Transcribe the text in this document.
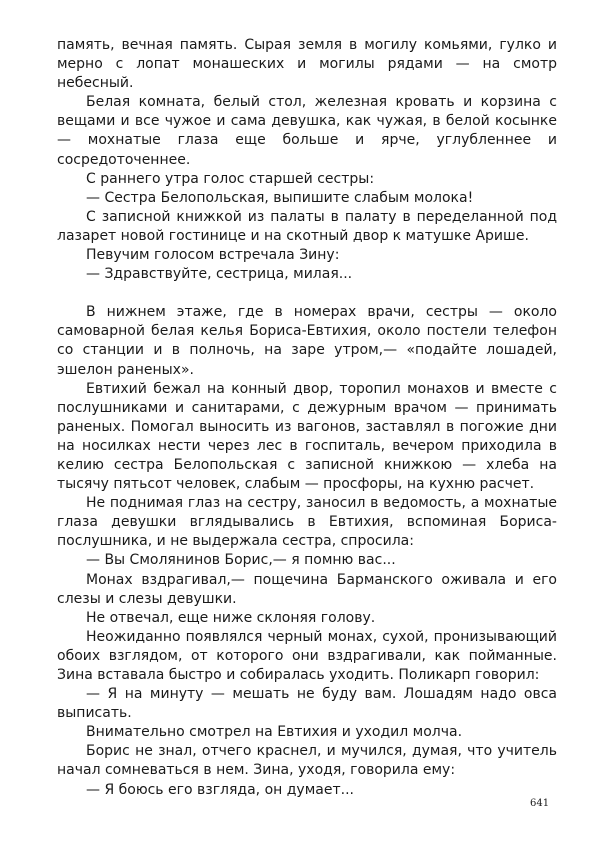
память, вечная память. Сырая земля в могилу комьями, гулко и мерно с лопат монашеских и могилы рядами — на смотр небесный.

Белая комната, белый стол, железная кровать и корзина с вещами и все чужое и сама девушка, как чужая, в белой косынке — мохнатые глаза еще больше и ярче, углубленнее и сосредоточеннее.

С раннего утра голос старшей сестры:

— Сестра Белопольская, выпишите слабым молока!

С записной книжкой из палаты в палату в переделанной под лазарет новой гостинице и на скотный двор к матушке Арише.

Певучим голосом встречала Зину:

— Здравствуйте, сестрица, милая...

В нижнем этаже, где в номерах врачи, сестры — около самоварной белая келья Бориса-Евтихия, около постели телефон со станции и в полночь, на заре утром,— «подайте лошадей, эшелон раненых».

Евтихий бежал на конный двор, торопил монахов и вместе с послушниками и санитарами, с дежурным врачом — принимать раненых. Помогал выносить из вагонов, заставлял в погожие дни на носилках нести через лес в госпиталь, вечером приходила в келию сестра Белопольская с записной книжкою — хлеба на тысячу пятьсот человек, слабым — просфоры, на кухню расчет.

Не поднимая глаз на сестру, заносил в ведомость, а мохнатые глаза девушки вглядывались в Евтихия, вспоминая Бориса-послушника, и не выдержала сестра, спросила:

— Вы Смолянинов Борис,— я помню вас...

Монах вздрагивал,— пощечина Барманского оживала и его слезы и слезы девушки.

Не отвечал, еще ниже склоняя голову.

Неожиданно появлялся черный монах, сухой, пронизывающий обоих взглядом, от которого они вздрагивали, как пойманные. Зина вставала быстро и собиралась уходить. Поликарп говорил:

— Я на минуту — мешать не буду вам. Лошадям надо овса выписать.

Внимательно смотрел на Евтихия и уходил молча.

Борис не знал, отчего краснел, и мучился, думая, что учитель начал сомневаться в нем. Зина, уходя, говорила ему:

— Я боюсь его взгляда, он думает...

641
